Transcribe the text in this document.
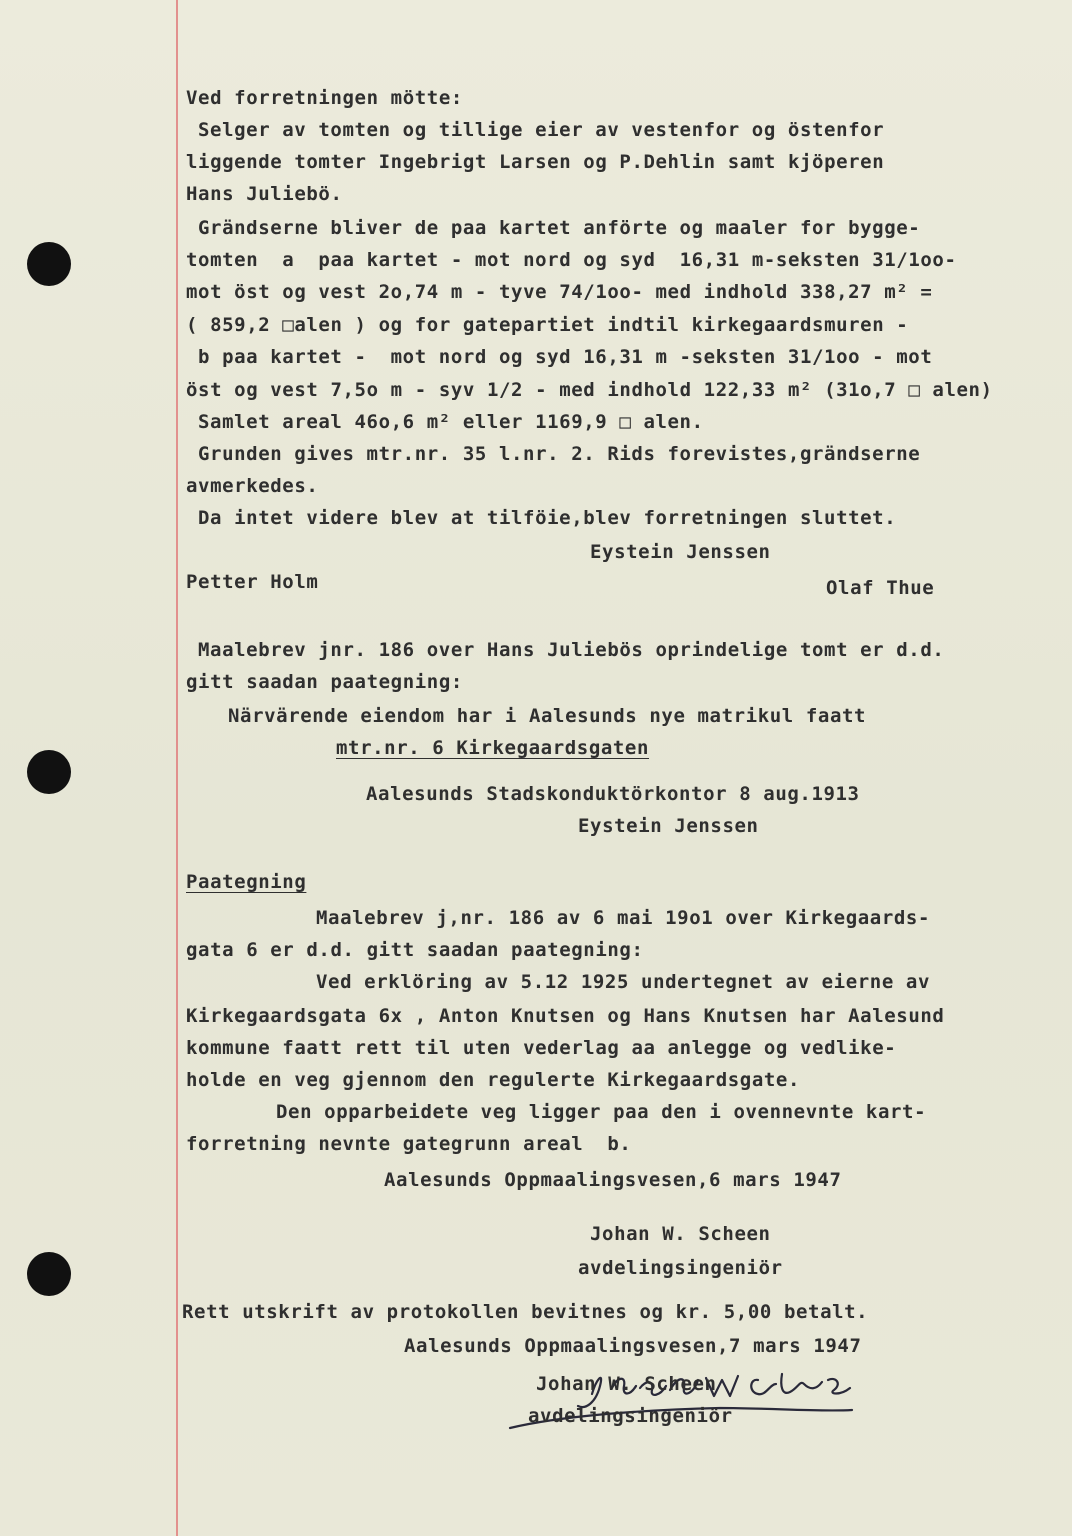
Ved forretningen mötte:
Selger av tomten og tillige eier av vestenfor og östenfor
liggende tomter Ingebrigt Larsen og P.Dehlin samt kjöperen
Hans Juliebö.
Grändserne bliver de paa kartet anförte og maaler for bygge-
tomten  a  paa kartet - mot nord og syd  16,31 m-seksten 31/1oo-
mot öst og vest 2o,74 m - tyve 74/1oo- med indhold 338,27 m² =
( 859,2 □alen ) og for gatepartiet indtil kirkegaardsmuren -
b paa kartet -  mot nord og syd 16,31 m -seksten 31/1oo - mot
öst og vest 7,5o m - syv 1/2 - med indhold 122,33 m² (31o,7 □ alen)
Samlet areal 46o,6 m² eller 1169,9 □ alen.
Grunden gives mtr.nr. 35 l.nr. 2. Rids forevistes,grändserne
avmerkedes.
Da intet videre blev at tilföie,blev forretningen sluttet.
Eystein Jenssen
Petter Holm	Olaf Thue
Maalebrev jnr. 186 over Hans Juliebös oprindelige tomt er d.d.
gitt saadan paategning:
Närvärende eiendom har i Aalesunds nye matrikul faatt
mtr.nr. 6 Kirkegaardsgaten
Aalesunds Stadskonduktörkontor 8 aug.1913
Eystein Jenssen
Paategning
Maalebrev j,nr. 186 av 6 mai 19o1 over Kirkegaards-
gata 6 er d.d. gitt saadan paategning:
Ved erklöring av 5.12 1925 undertegnet av eierne av
Kirkegaardsgata 6x , Anton Knutsen og Hans Knutsen har Aalesund
kommune faatt rett til uten vederlag aa anlegge og vedlike-
holde en veg gjennom den regulerte Kirkegaardsgate.
Den opparbeidete veg ligger paa den i ovennevnte kart-
forretning nevnte gategrunn areal  b.
Aalesunds Oppmaalingsvesen,6 mars 1947
Johan W. Scheen
avdelingsingeniör
Rett utskrift av protokollen bevitnes og kr. 5,00 betalt.
Aalesunds Oppmaalingsvesen,7 mars 1947
Johan W. Scheen
avdelingsingeniör
